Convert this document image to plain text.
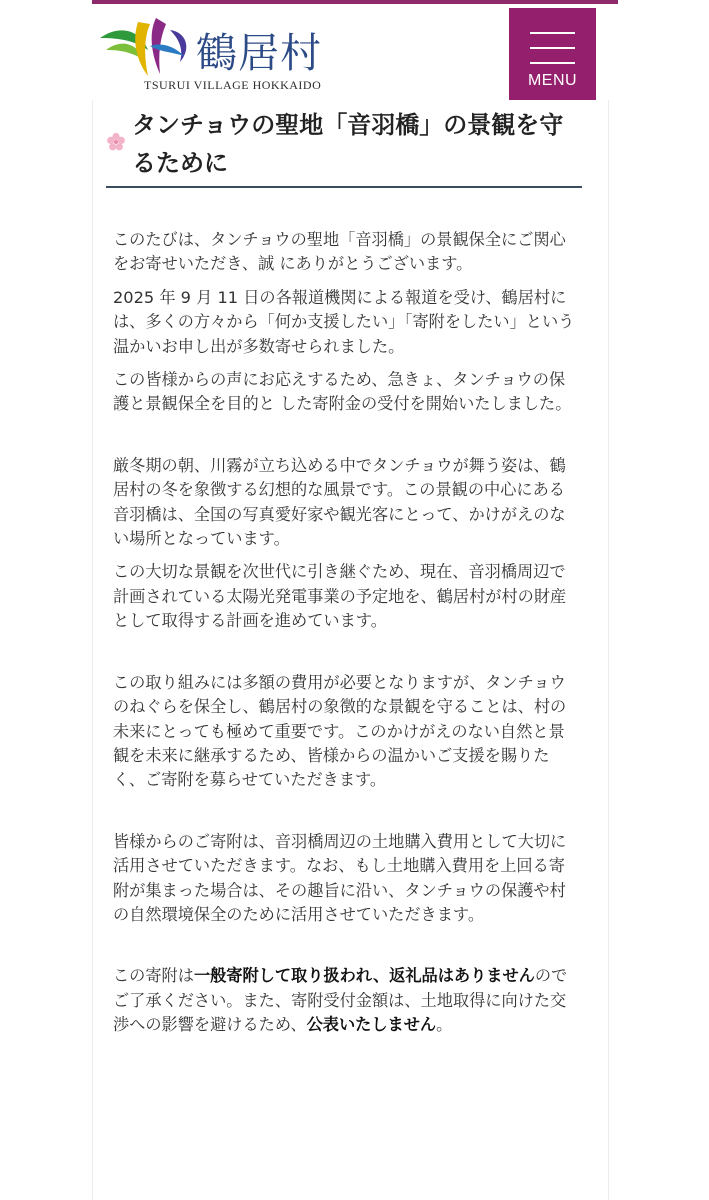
鶴居村
TSURUI VILLAGE HOKKAIDO	MENU
タンチョウの聖地「音羽橋」の景観を守るために

このたびは、タンチョウの聖地「音羽橋」の景観保全にご関心をお寄せいただき、誠 にありがとうございます。

2025 年 9 月 11 日の各報道機関による報道を受け、鶴居村には、多くの方々から「何か支援したい」「寄附をしたい」という温かいお申し出が多数寄せられました。

この皆様からの声にお応えするため、急きょ、タンチョウの保護と景観保全を目的と した寄附金の受付を開始いたしました。

厳冬期の朝、川霧が立ち込める中でタンチョウが舞う姿は、鶴居村の冬を象徴する幻想的な風景です。この景観の中心にある音羽橋は、全国の写真愛好家や観光客にとって、かけがえのない場所となっています。

この大切な景観を次世代に引き継ぐため、現在、音羽橋周辺で計画されている太陽光発電事業の予定地を、鶴居村が村の財産として取得する計画を進めています。

この取り組みには多額の費用が必要となりますが、タンチョウのねぐらを保全し、鶴居村の象徴的な景観を守ることは、村の未来にとっても極めて重要です。このかけがえのない自然と景観を未来に継承するため、皆様からの温かいご支援を賜りたく、ご寄附を募らせていただきます。

皆様からのご寄附は、音羽橋周辺の土地購入費用として大切に活用させていただきます。なお、もし土地購入費用を上回る寄附が集まった場合は、その趣旨に沿い、タンチョウの保護や村の自然環境保全のために活用させていただきます。

この寄附は一般寄附して取り扱われ、返礼品はありませんのでご了承ください。また、寄附受付金額は、土地取得に向けた交渉への影響を避けるため、公表いたしません。
